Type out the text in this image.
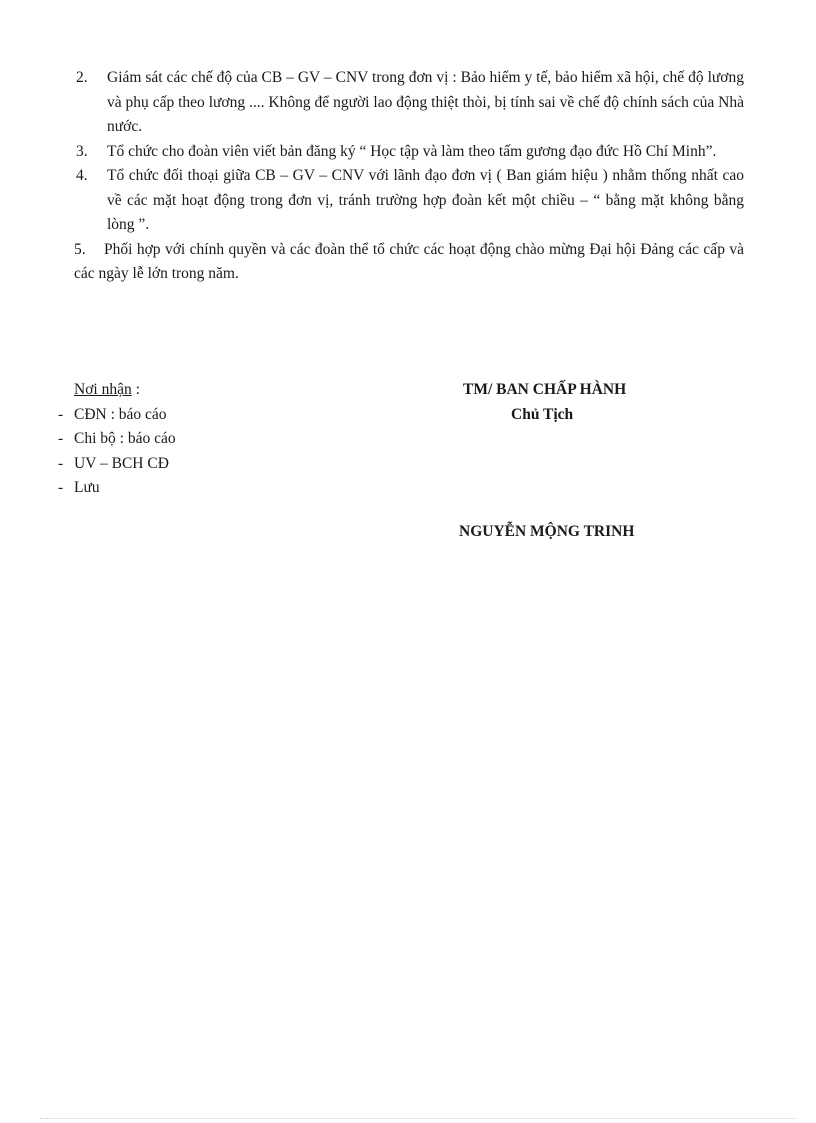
2. Giám sát các chế độ của CB – GV – CNV trong đơn vị : Bảo hiểm y tế, bảo hiểm xã hội, chế độ lương và phụ cấp theo lương .... Không để người lao động thiệt thòi, bị tính sai về chế độ chính sách của Nhà nước.
3. Tổ chức cho đoàn viên viết bản đăng ký “ Học tập và làm theo tấm gương đạo đức Hồ Chí Minh”.
4. Tổ chức đối thoại giữa CB – GV – CNV với lãnh đạo đơn vị ( Ban giám hiệu ) nhằm thống nhất cao về các mặt hoạt động trong đơn vị, tránh trường hợp đoàn kết một chiều – “ bằng mặt không bằng lòng ”.
5. Phối hợp với chính quyền và các đoàn thể tổ chức các hoạt động chào mừng Đại hội Đảng các cấp và các ngày lễ lớn trong năm.
Nơi nhận :
- CĐN : báo cáo
- Chi bộ : báo cáo
- UV – BCH CĐ
- Lưu
TM/ BAN CHẤP HÀNH
Chủ Tịch
NGUYỄN MỘNG TRINH
